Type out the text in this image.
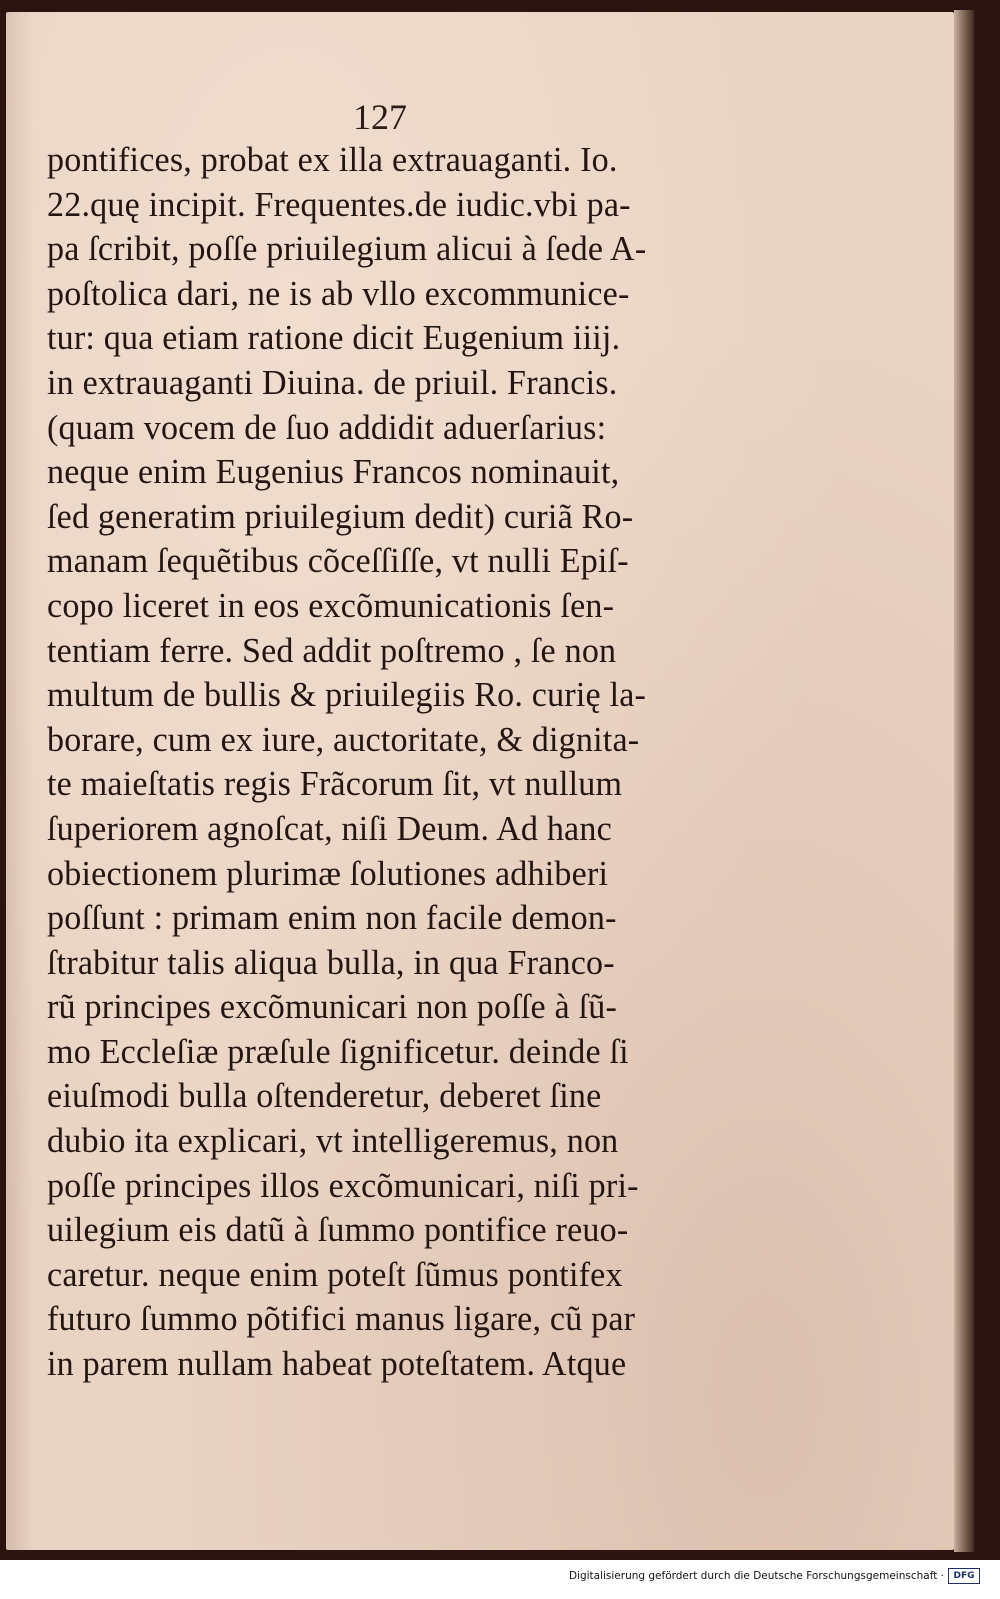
127
pontifices, probat ex illa extrauaganti. Io.
22.quę incipit. Frequentes.de iudic.vbi pa-
pa ſcribit, poſſe priuilegium alicui à ſede A-
poſtolica dari, ne is ab vllo excommunice-
tur: qua etiam ratione dicit Eugenium iiij.
in extrauaganti Diuina. de priuil. Francis.
(quam vocem de ſuo addidit aduerſarius:
neque enim Eugenius Francos nominauit,
ſed generatim priuilegium dedit) curiã Ro-
manam ſequẽtibus cõceſſiſſe, vt nulli Epiſ-
copo liceret in eos excõmunicationis ſen-
tentiam ferre. Sed addit poſtremo , ſe non
multum de bullis & priuilegiis Ro. curię la-
borare, cum ex iure, auctoritate, & dignita-
te maieſtatis regis Frãcorum ſit, vt nullum
ſuperiorem agnoſcat, niſi Deum. Ad hanc
obiectionem plurimæ ſolutiones adhiberi
poſſunt : primam enim non facile demon-
ſtrabitur talis aliqua bulla, in qua Franco-
rũ principes excõmunicari non poſſe à ſũ-
mo Eccleſiæ præſule ſignificetur. deinde ſi
eiuſmodi bulla oſtenderetur, deberet ſine
dubio ita explicari, vt intelligeremus, non
poſſe principes illos excõmunicari, niſi pri-
uilegium eis datũ à ſummo pontifice reuo-
caretur. neque enim poteſt ſũmus pontifex
futuro ſummo põtifici manus ligare, cũ par
in parem nullam habeat poteſtatem. Atque
Digitalisierung gefördert durch die Deutsche Forschungsgemeinschaft ·	DFG
